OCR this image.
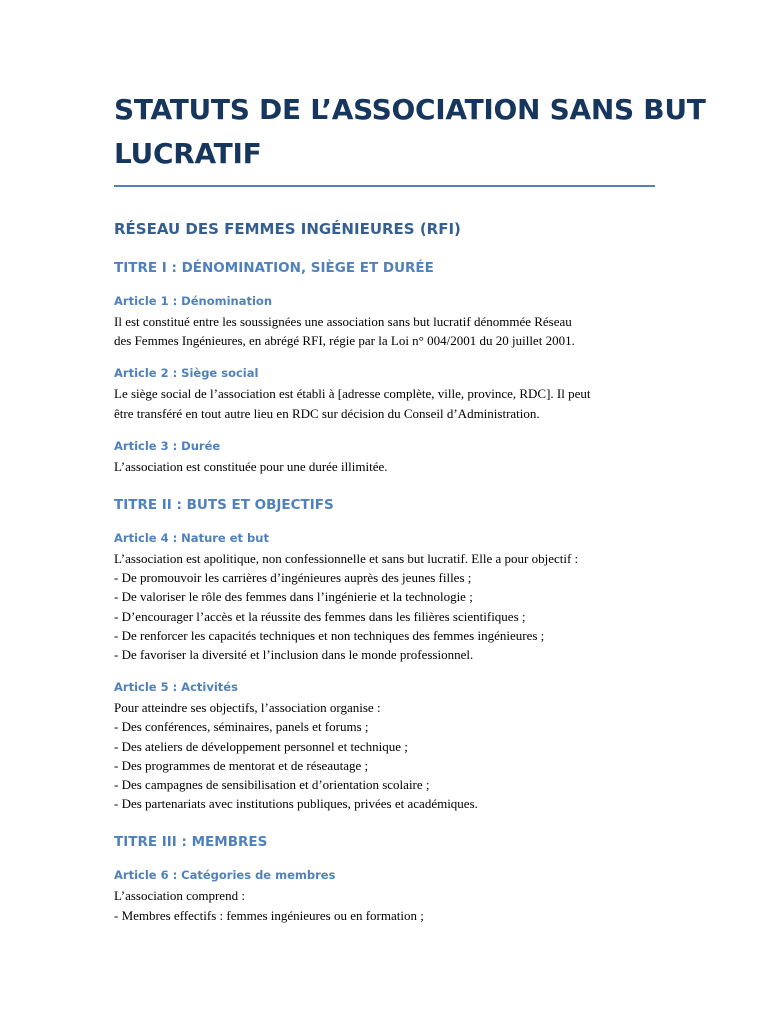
STATUTS DE L’ASSOCIATION SANS BUT
LUCRATIF
RÉSEAU DES FEMMES INGÉNIEURES (RFI)
TITRE I : DÉNOMINATION, SIÈGE ET DURÉE
Article 1 : Dénomination

Il est constitué entre les soussignées une association sans but lucratif dénommée Réseau
des Femmes Ingénieures, en abrégé RFI, régie par la Loi n° 004/2001 du 20 juillet 2001.

Article 2 : Siège social

Le siège social de l’association est établi à [adresse complète, ville, province, RDC]. Il peut
être transféré en tout autre lieu en RDC sur décision du Conseil d’Administration.

Article 3 : Durée

L’association est constituée pour une durée illimitée.

TITRE II : BUTS ET OBJECTIFS
Article 4 : Nature et but

L’association est apolitique, non confessionnelle et sans but lucratif. Elle a pour objectif :
- De promouvoir les carrières d’ingénieures auprès des jeunes filles ;
- De valoriser le rôle des femmes dans l’ingénierie et la technologie ;
- D’encourager l’accès et la réussite des femmes dans les filières scientifiques ;
- De renforcer les capacités techniques et non techniques des femmes ingénieures ;
- De favoriser la diversité et l’inclusion dans le monde professionnel.

Article 5 : Activités

Pour atteindre ses objectifs, l’association organise :
- Des conférences, séminaires, panels et forums ;
- Des ateliers de développement personnel et technique ;
- Des programmes de mentorat et de réseautage ;
- Des campagnes de sensibilisation et d’orientation scolaire ;
- Des partenariats avec institutions publiques, privées et académiques.

TITRE III : MEMBRES
Article 6 : Catégories de membres

L’association comprend :
- Membres effectifs : femmes ingénieures ou en formation ;
